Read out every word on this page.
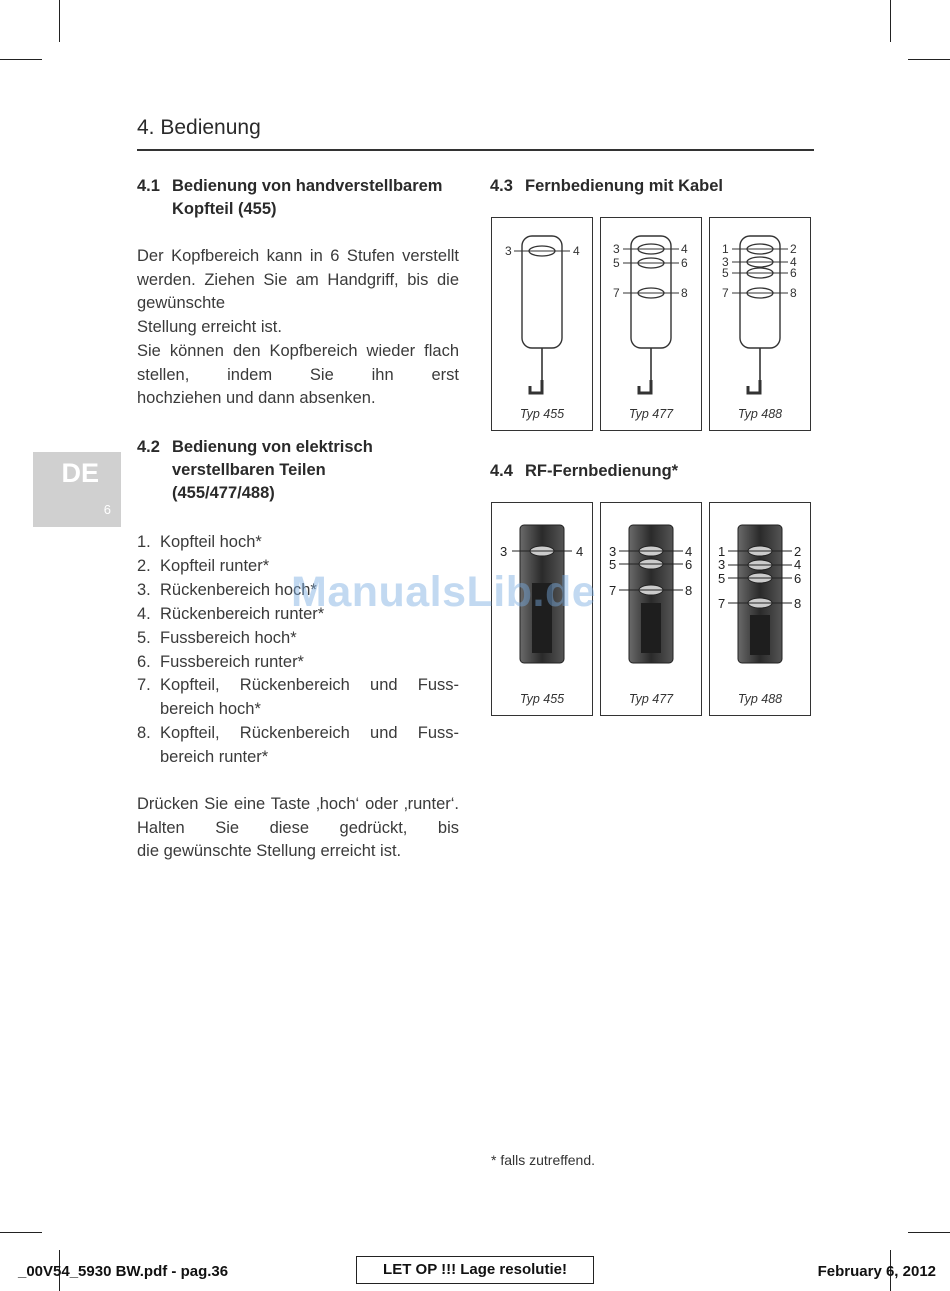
4. Bedienung
4.1 Bedienung von handverstellbarem
Kopfteil (455)
Der Kopfbereich kann in 6 Stufen verstellt werden. Ziehen Sie am Handgriff, bis die gewünschte
Stellung erreicht ist.
Sie können den Kopfbereich wieder flach stellen, indem Sie ihn erst
hochziehen und dann absenken.
4.2 Bedienung von elektrisch
verstellbaren Teilen
(455/477/488)
1. Kopfteil hoch*
2. Kopfteil runter*
3. Rückenbereich hoch*
4. Rückenbereich runter*
5. Fussbereich hoch*
6. Fussbereich runter*
7. Kopfteil, Rückenbereich und Fuss-bereich hoch*
8. Kopfteil, Rückenbereich und Fuss-bereich runter*
Drücken Sie eine Taste ‚hoch‘ oder ‚runter‘. Halten Sie diese gedrückt, bis
die gewünschte Stellung erreicht ist.
DE
6
4.3 Fernbedienung mit Kabel
3	4
Typ 455
3	4
5	6
7	8
Typ 477
1	2
3	4
5	6
7	8
Typ 488
4.4 RF-Fernbedienung*
3	4
Typ 455
3	4
5	6
7	8
Typ 477
1	2
3	4
5	6
7	8
Typ 488
ManualsLib.de
* falls zutreffend.
_00V54_5930 BW.pdf - pag.36	LET OP !!! Lage resolutie!	February 6, 2012
